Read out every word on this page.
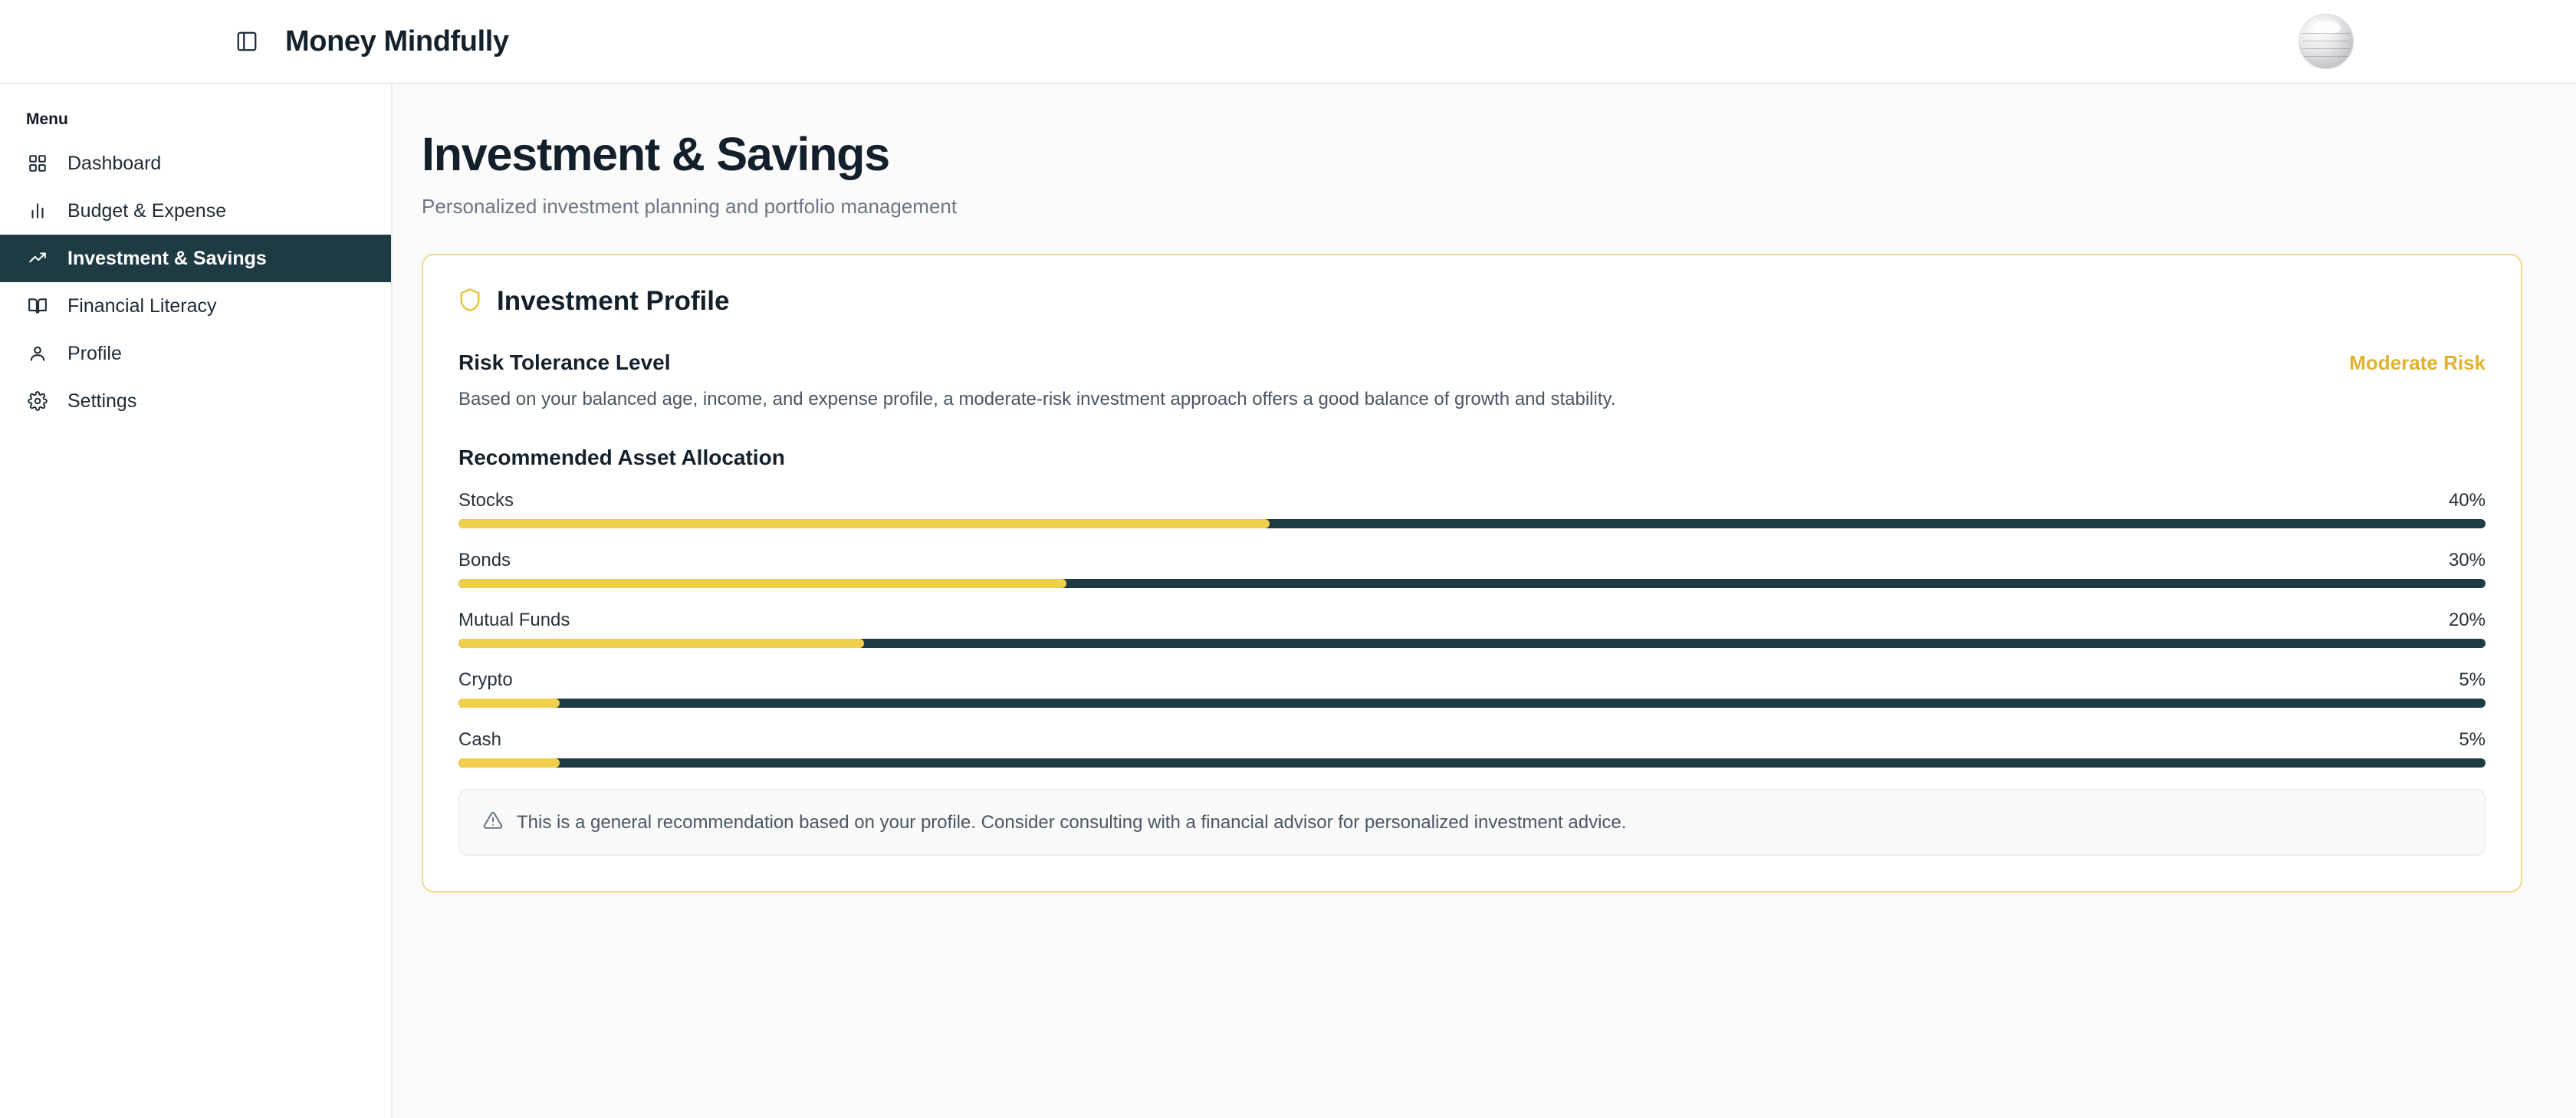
Money Mindfully
Menu
Dashboard
Budget & Expense
Investment & Savings
Financial Literacy
Profile
Settings
Investment & Savings
Personalized investment planning and portfolio management
Investment Profile
Risk Tolerance Level	Moderate Risk

Based on your balanced age, income, and expense profile, a moderate-risk investment approach offers a good balance of growth and stability.

Recommended Asset Allocation
Stocks	40%
Bonds	30%
Mutual Funds	20%
Crypto	5%
Cash	5%
This is a general recommendation based on your profile. Consider consulting with a financial advisor for personalized investment advice.
